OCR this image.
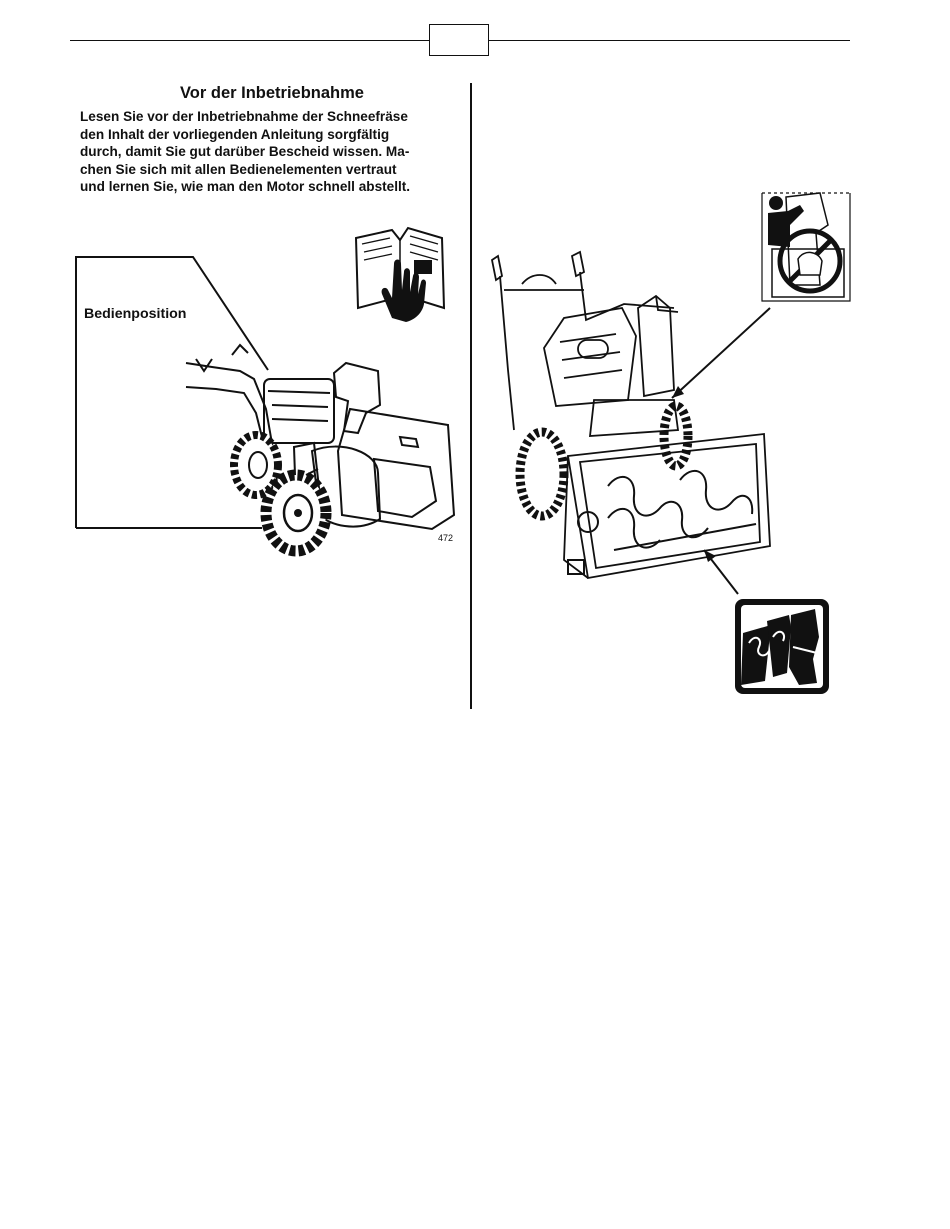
Vor der Inbetriebnahme

Lesen Sie vor der Inbetriebnahme der Schneefräse
den Inhalt der vorliegenden Anleitung sorgfältig
durch, damit Sie gut darüber Bescheid wissen. Ma-
chen Sie sich mit allen Bedienelementen vertraut
und lernen Sie, wie man den Motor schnell abstellt.

Bedienposition

472
